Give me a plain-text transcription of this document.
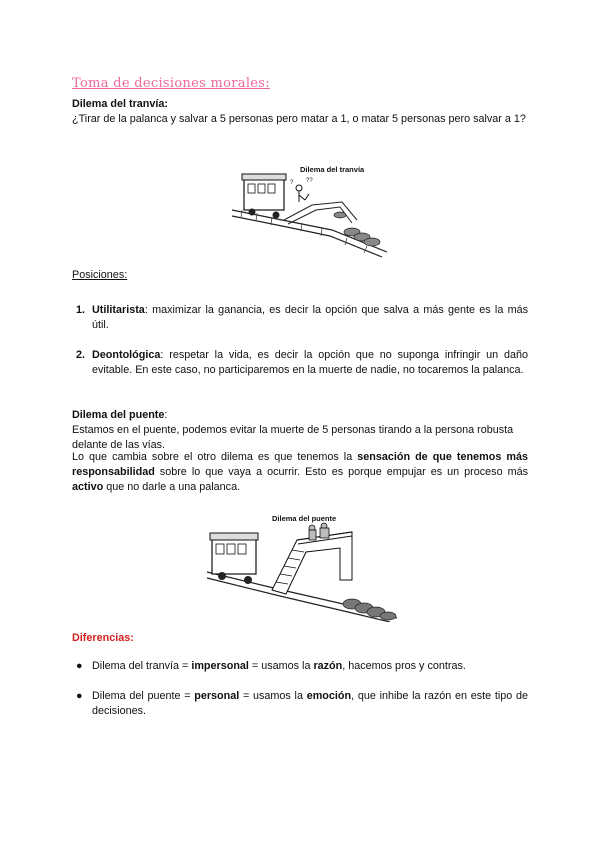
Toma de decisiones morales:
Dilema del tranvía:
¿Tirar de la palanca y salvar a 5 personas pero matar a 1, o matar 5 personas pero salvar a 1?
Dilema del tranvía
? ??
Posiciones:
1. Utilitarista: maximizar la ganancia, es decir la opción que salva a más gente es la más útil.
2. Deontológica: respetar la vida, es decir la opción que no suponga infringir un daño evitable. En este caso, no participaremos en la muerte de nadie, no tocaremos la palanca.
Dilema del puente:
Estamos en el puente, podemos evitar la muerte de 5 personas tirando a la persona robusta delante de las vías.
Lo que cambia sobre el otro dilema es que tenemos la sensación de que tenemos más responsabilidad sobre lo que vaya a ocurrir. Esto es porque empujar es un proceso más activo que no darle a una palanca.
Dilema del puente
Diferencias:
● Dilema del tranvía = impersonal = usamos la razón, hacemos pros y contras.
● Dilema del puente = personal = usamos la emoción, que inhibe la razón en este tipo de decisiones.
